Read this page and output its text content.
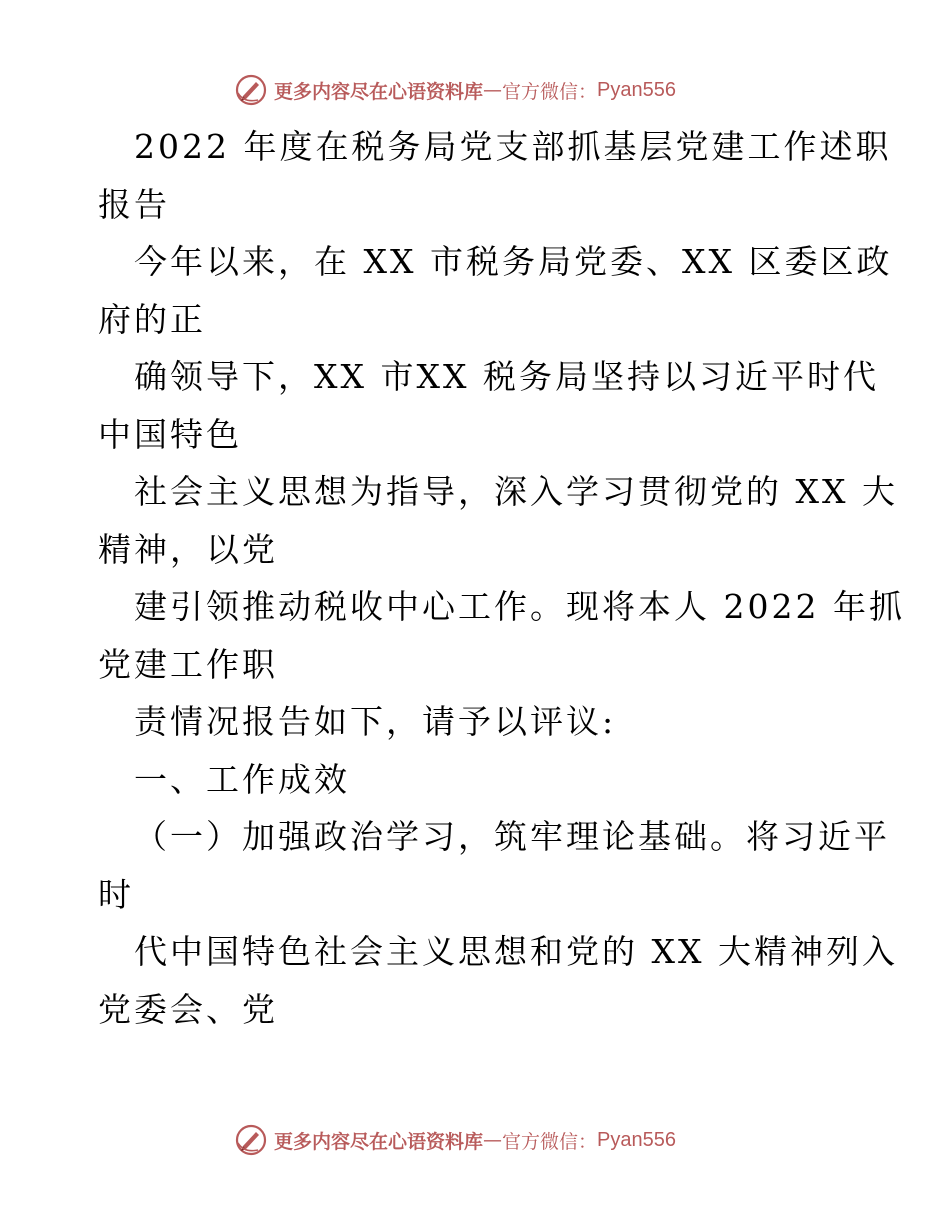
更多内容尽在心语资料库 — 官方微信： Pyan556
2022 年度在税务局党支部抓基层党建工作述职
报告
今年以来，在 XX 市税务局党委、XX 区委区政
府的正
确领导下，XX 市XX 税务局坚持以习近平时代
中国特色
社会主义思想为指导，深入学习贯彻党的 XX 大
精神，以党
建引领推动税收中心工作。现将本人 2022 年抓
党建工作职
责情况报告如下，请予以评议:
一、工作成效
（一）加强政治学习，筑牢理论基础。将习近平
时
代中国特色社会主义思想和党的 XX 大精神列入
党委会、党
更多内容尽在心语资料库 — 官方微信： Pyan556
